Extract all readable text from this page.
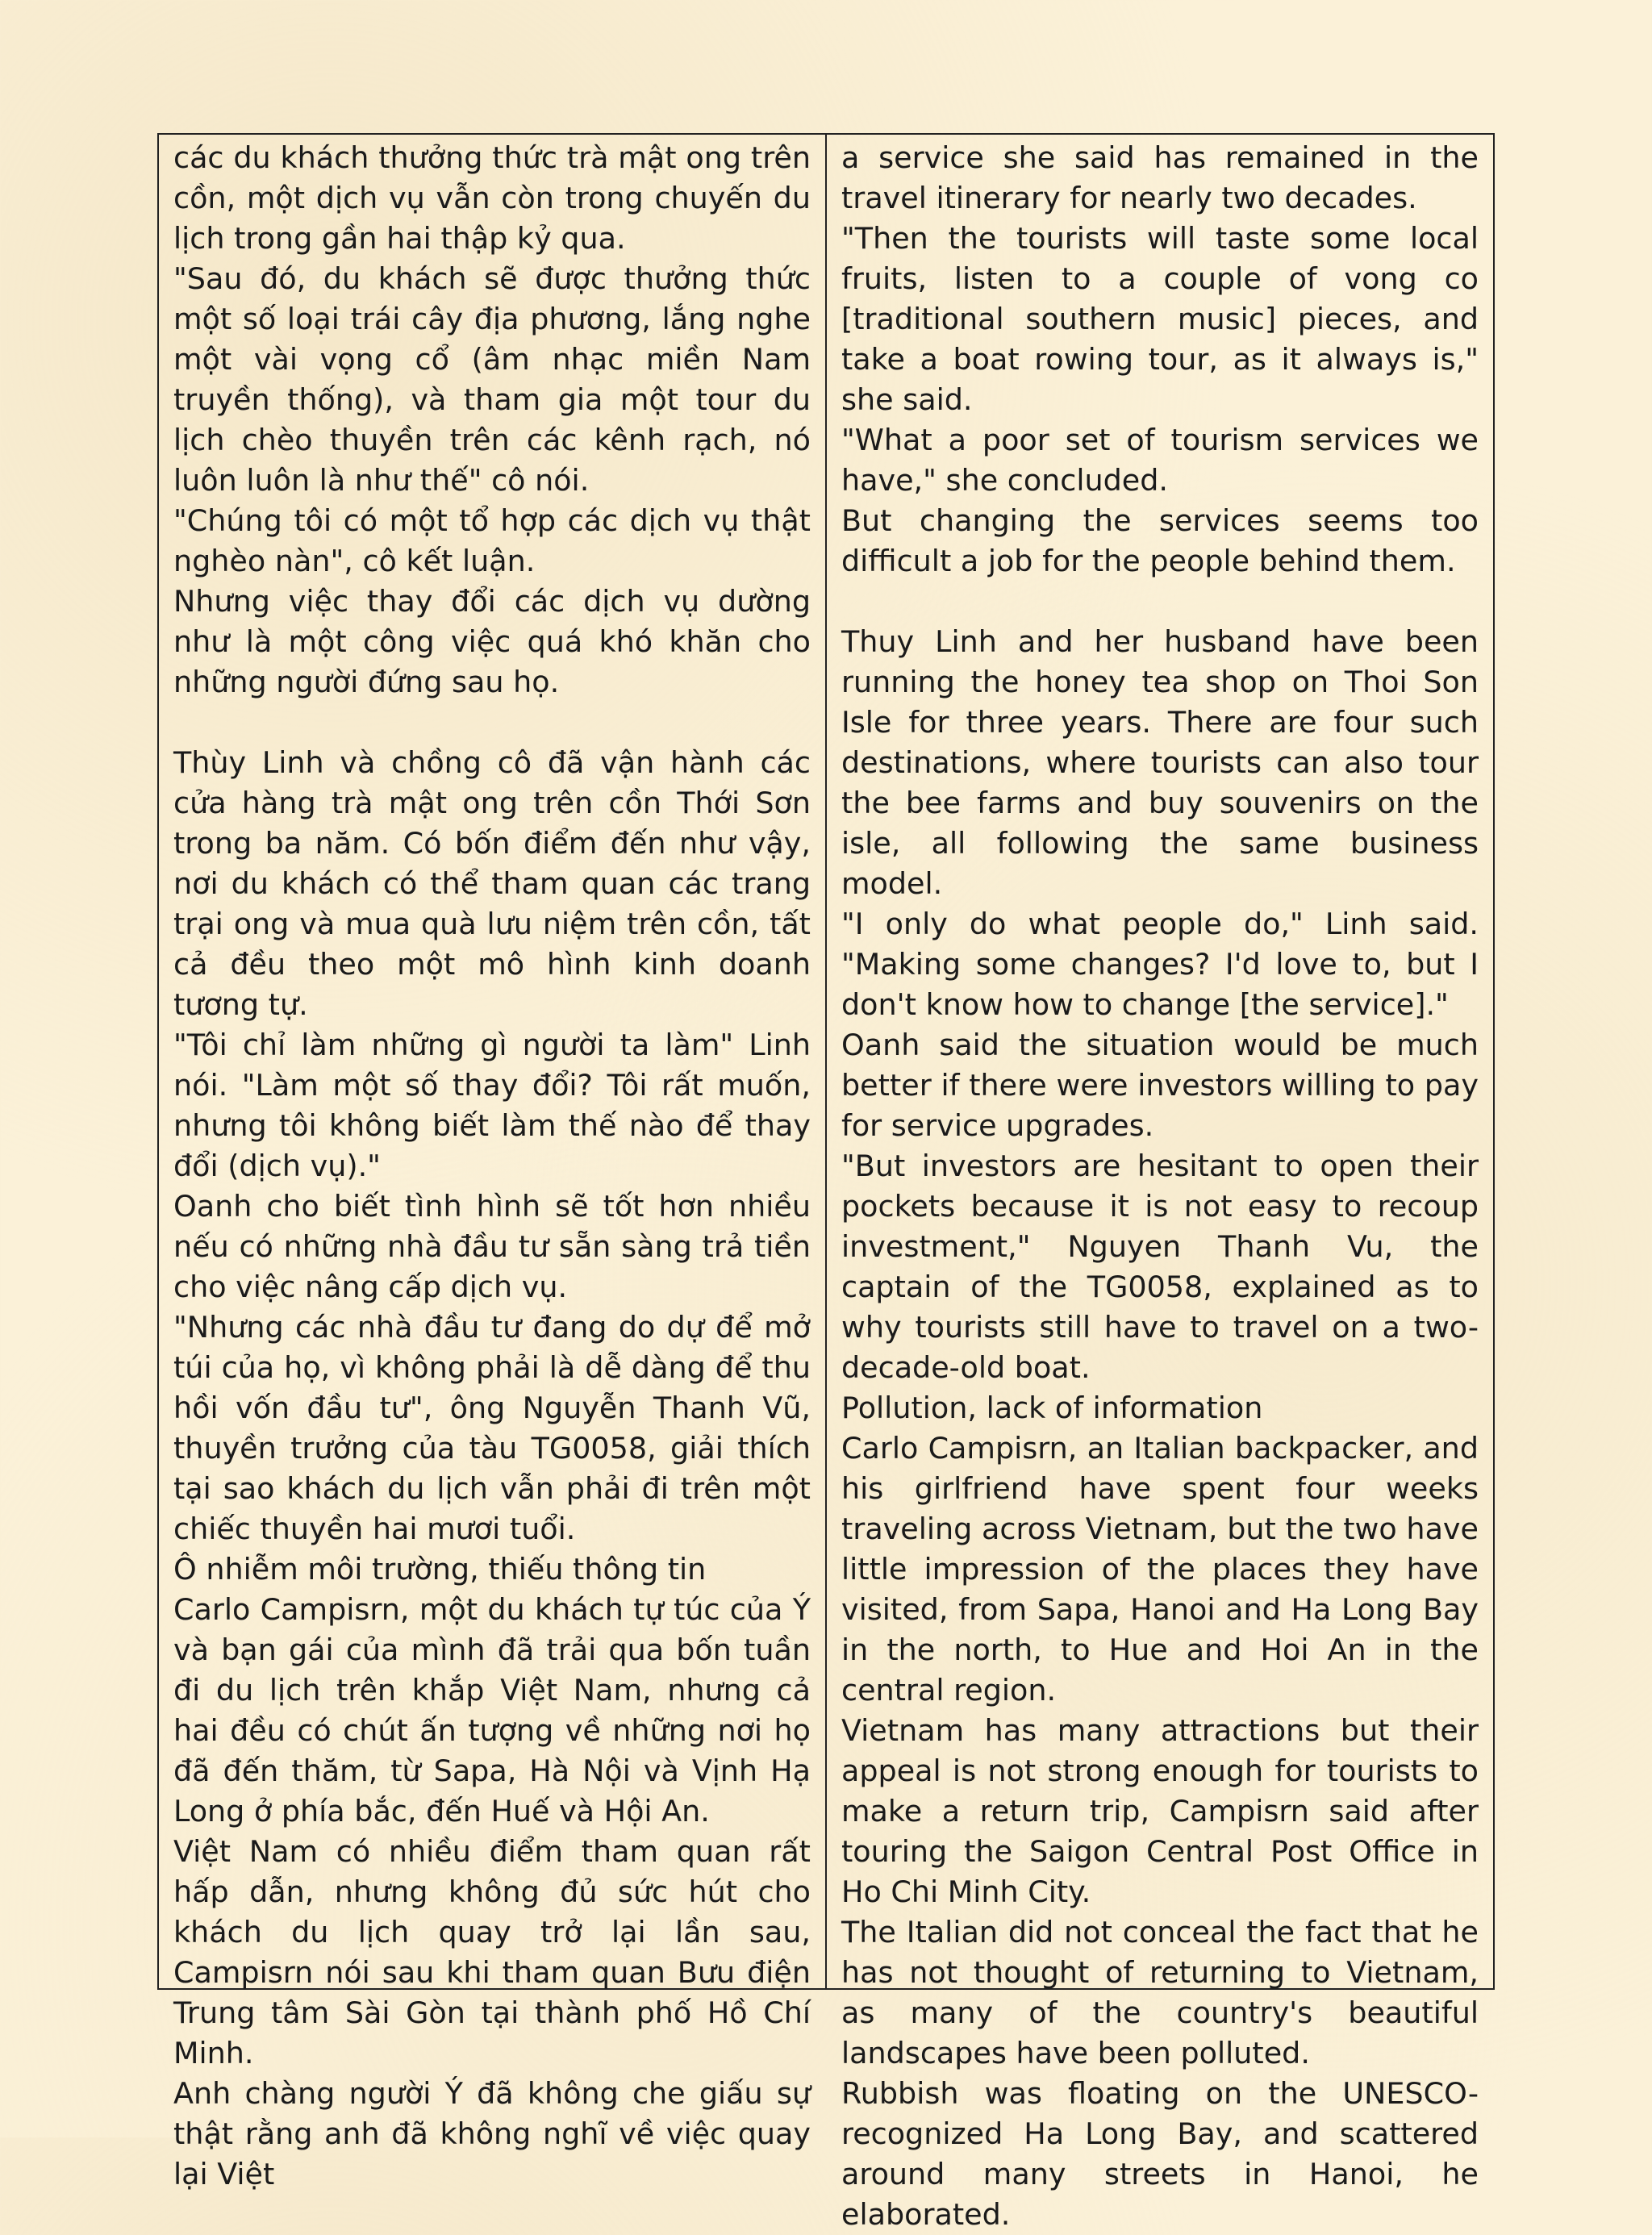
các du khách thưởng thức trà mật ong trên cồn, một dịch vụ vẫn còn trong chuyến du lịch trong gần hai thập kỷ qua.

"Sau đó, du khách sẽ được thưởng thức một số loại trái cây địa phương, lắng nghe một vài vọng cổ (âm nhạc miền Nam truyền thống), và tham gia một tour du lịch chèo thuyền trên các kênh rạch, nó luôn luôn là như thế" cô nói.

"Chúng tôi có một tổ hợp các dịch vụ thật nghèo nàn", cô kết luận.

Nhưng việc thay đổi các dịch vụ dường như là một công việc quá khó khăn cho những người đứng sau họ.

Thùy Linh và chồng cô đã vận hành các cửa hàng trà mật ong trên cồn Thới Sơn trong ba năm. Có bốn điểm đến như vậy, nơi du khách có thể tham quan các trang trại ong và mua quà lưu niệm trên cồn, tất cả đều theo một mô hình kinh doanh tương tự.

"Tôi chỉ làm những gì người ta làm" Linh nói. "Làm một số thay đổi? Tôi rất muốn, nhưng tôi không biết làm thế nào để thay đổi (dịch vụ)."

Oanh cho biết tình hình sẽ tốt hơn nhiều nếu có những nhà đầu tư sẵn sàng trả tiền cho việc nâng cấp dịch vụ.

"Nhưng các nhà đầu tư đang do dự để mở túi của họ, vì không phải là dễ dàng để thu hồi vốn đầu tư", ông Nguyễn Thanh Vũ, thuyền trưởng của tàu TG0058, giải thích tại sao khách du lịch vẫn phải đi trên một chiếc thuyền hai mươi tuổi.

Ô nhiễm môi trường, thiếu thông tin

Carlo Campisrn, một du khách tự túc của Ý và bạn gái của mình đã trải qua bốn tuần đi du lịch trên khắp Việt Nam, nhưng cả hai đều có chút ấn tượng về những nơi họ đã đến thăm, từ Sapa, Hà Nội và Vịnh Hạ Long ở phía bắc, đến Huế và Hội An.

Việt Nam có nhiều điểm tham quan rất hấp dẫn, nhưng không đủ sức hút cho khách du lịch quay trở lại lần sau, Campisrn nói sau khi tham quan Bưu điện Trung tâm Sài Gòn tại thành phố Hồ Chí Minh.

Anh chàng người Ý đã không che giấu sự thật rằng anh đã không nghĩ về việc quay lại Việt

a service she said has remained in the travel itinerary for nearly two decades.

"Then the tourists will taste some local fruits, listen to a couple of vong co [traditional southern music] pieces, and take a boat rowing tour, as it always is," she said.

"What a poor set of tourism services we have," she concluded.

But changing the services seems too difficult a job for the people behind them.

Thuy Linh and her husband have been running the honey tea shop on Thoi Son Isle for three years. There are four such destinations, where tourists can also tour the bee farms and buy souvenirs on the isle, all following the same business model.

"I only do what people do," Linh said. "Making some changes? I'd love to, but I don't know how to change [the service]."

Oanh said the situation would be much better if there were investors willing to pay for service upgrades.

"But investors are hesitant to open their pockets because it is not easy to recoup investment," Nguyen Thanh Vu, the captain of the TG0058, explained as to why tourists still have to travel on a two-decade-old boat.

Pollution, lack of information

Carlo Campisrn, an Italian backpacker, and his girlfriend have spent four weeks traveling across Vietnam, but the two have little impression of the places they have visited, from Sapa, Hanoi and Ha Long Bay in the north, to Hue and Hoi An in the central region.

Vietnam has many attractions but their appeal is not strong enough for tourists to make a return trip, Campisrn said after touring the Saigon Central Post Office in Ho Chi Minh City.

The Italian did not conceal the fact that he has not thought of returning to Vietnam, as many of the country's beautiful landscapes have been polluted.

Rubbish was floating on the UNESCO-recognized Ha Long Bay, and scattered around many streets in Hanoi, he elaborated.
